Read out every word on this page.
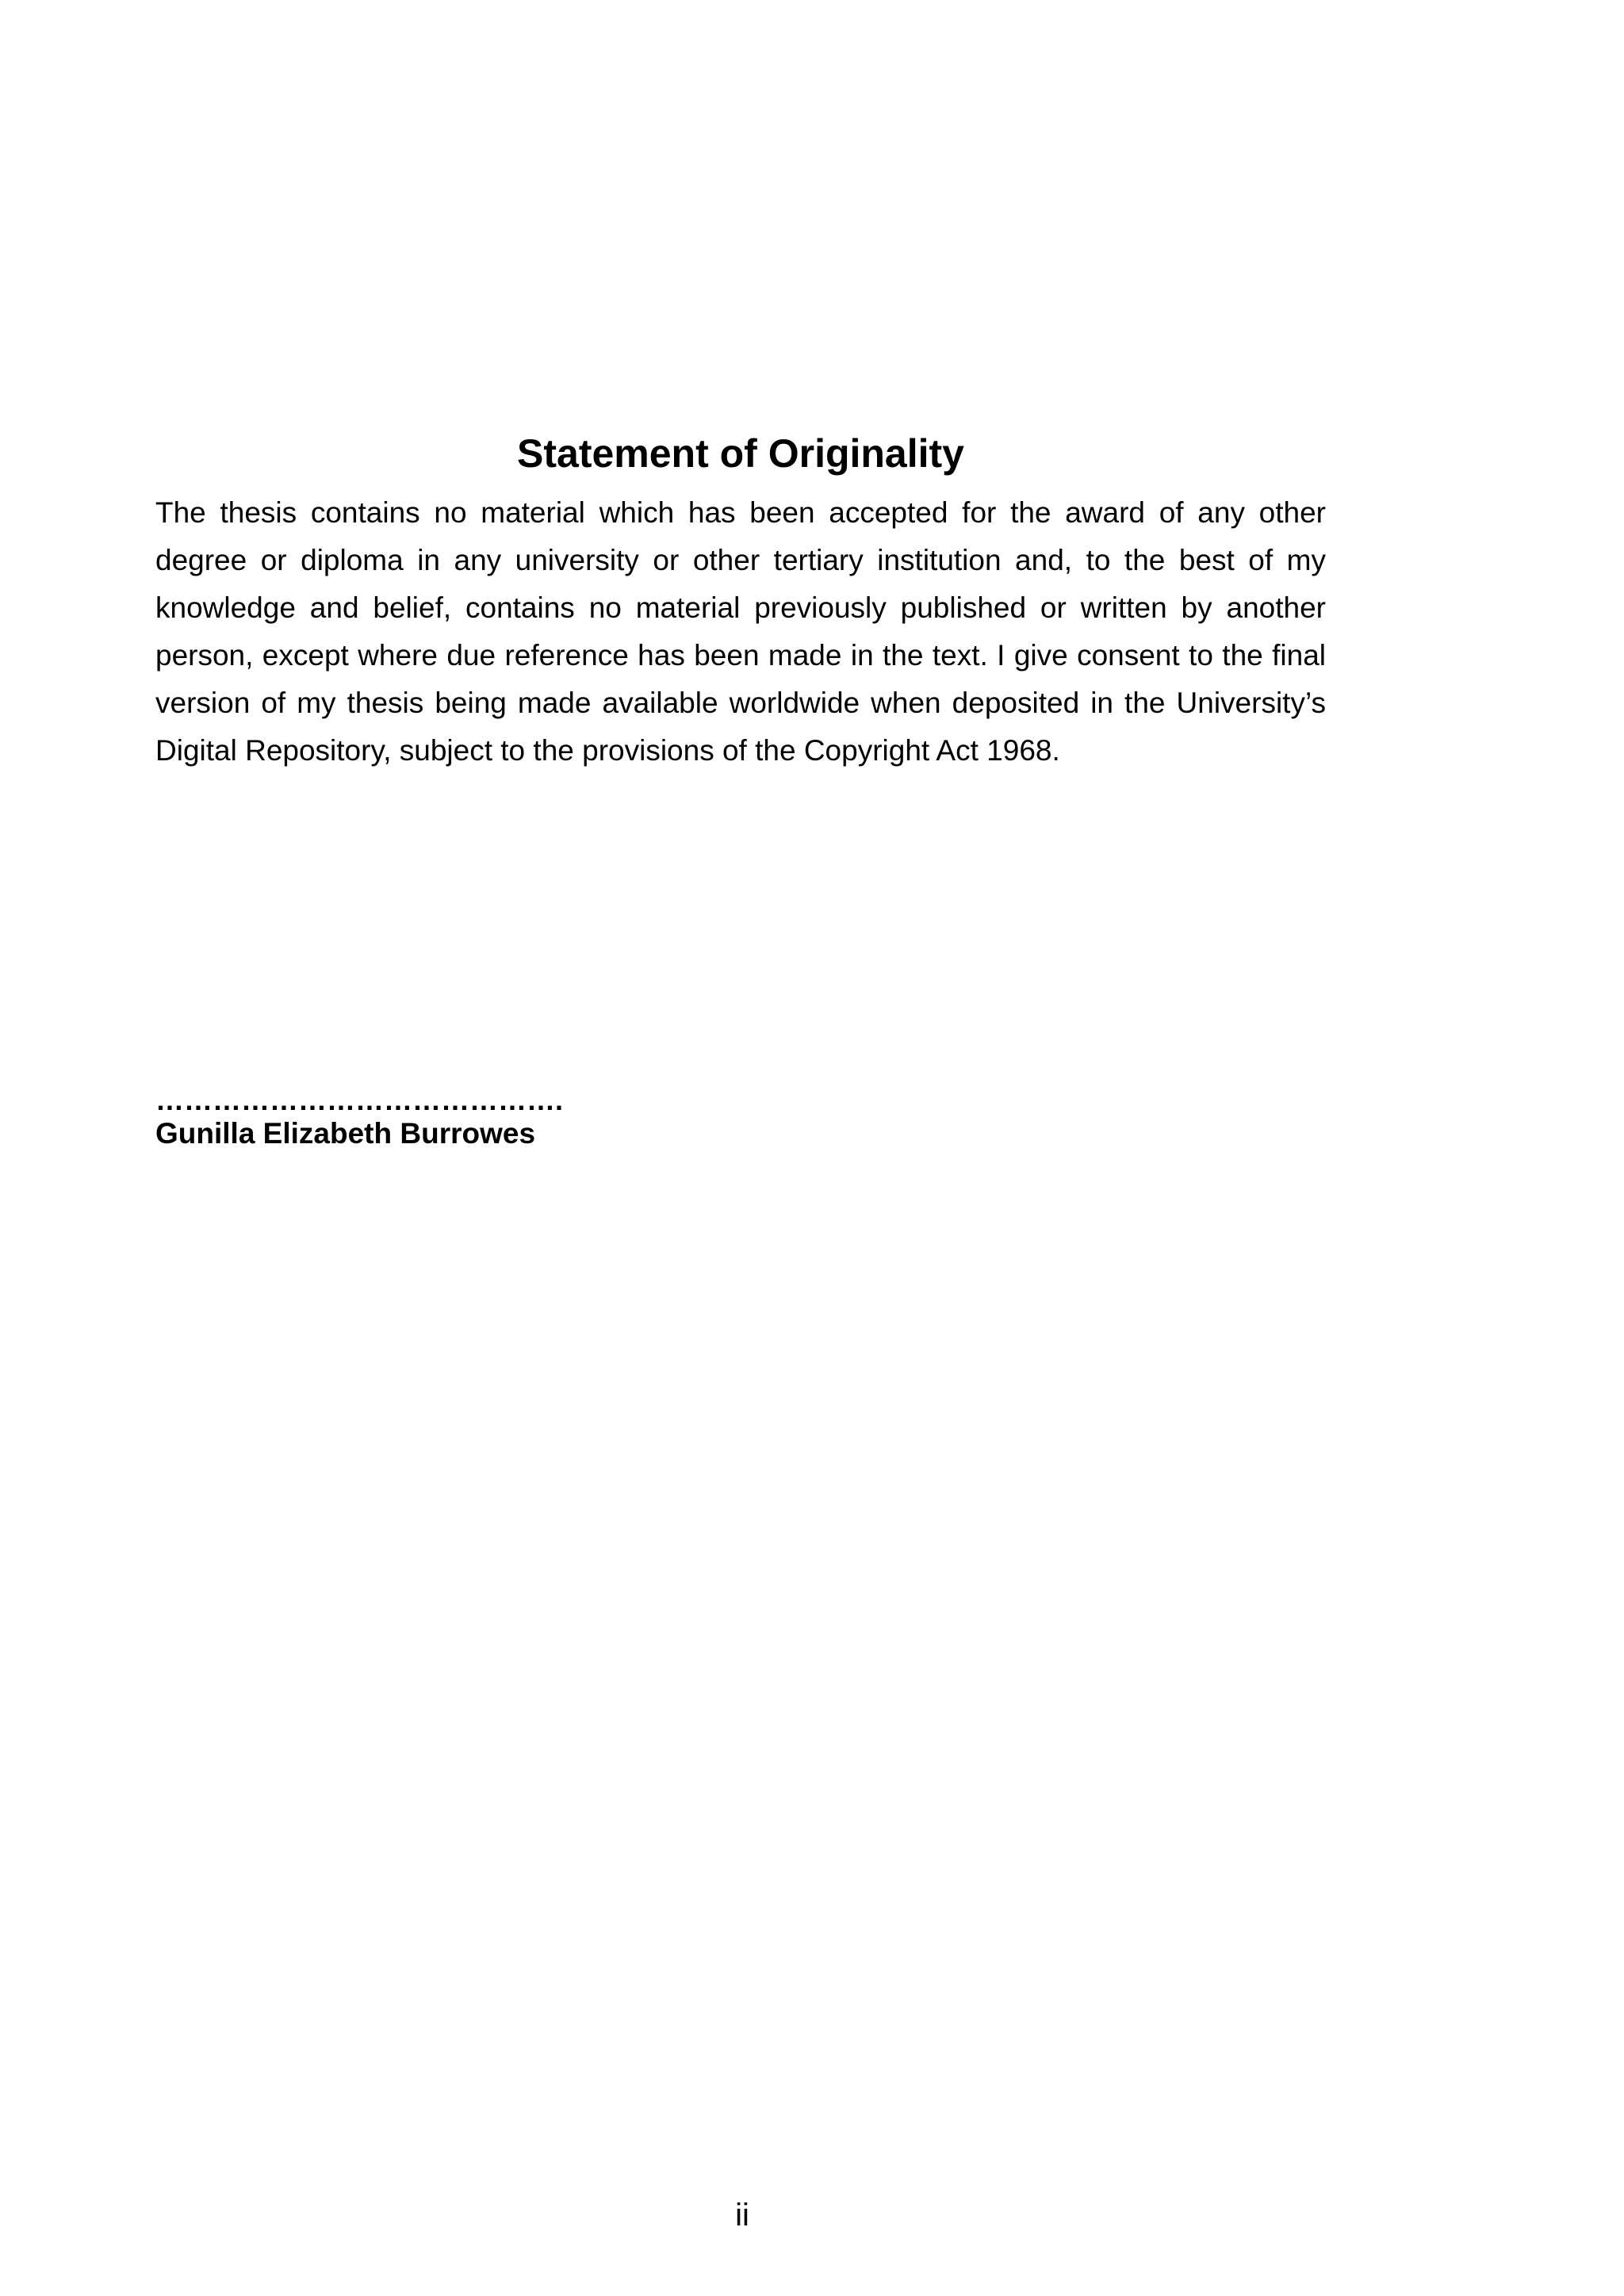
Statement of Originality

The thesis contains no material which has been accepted for the award of any other degree or diploma in any university or other tertiary institution and, to the best of my knowledge and belief, contains no material previously published or written by another person, except where due reference has been made in the text. I give consent to the final version of my thesis being made available worldwide when deposited in the University’s Digital Repository, subject to the provisions of the Copyright Act 1968.

…………………………………….
Gunilla Elizabeth Burrowes
ii
